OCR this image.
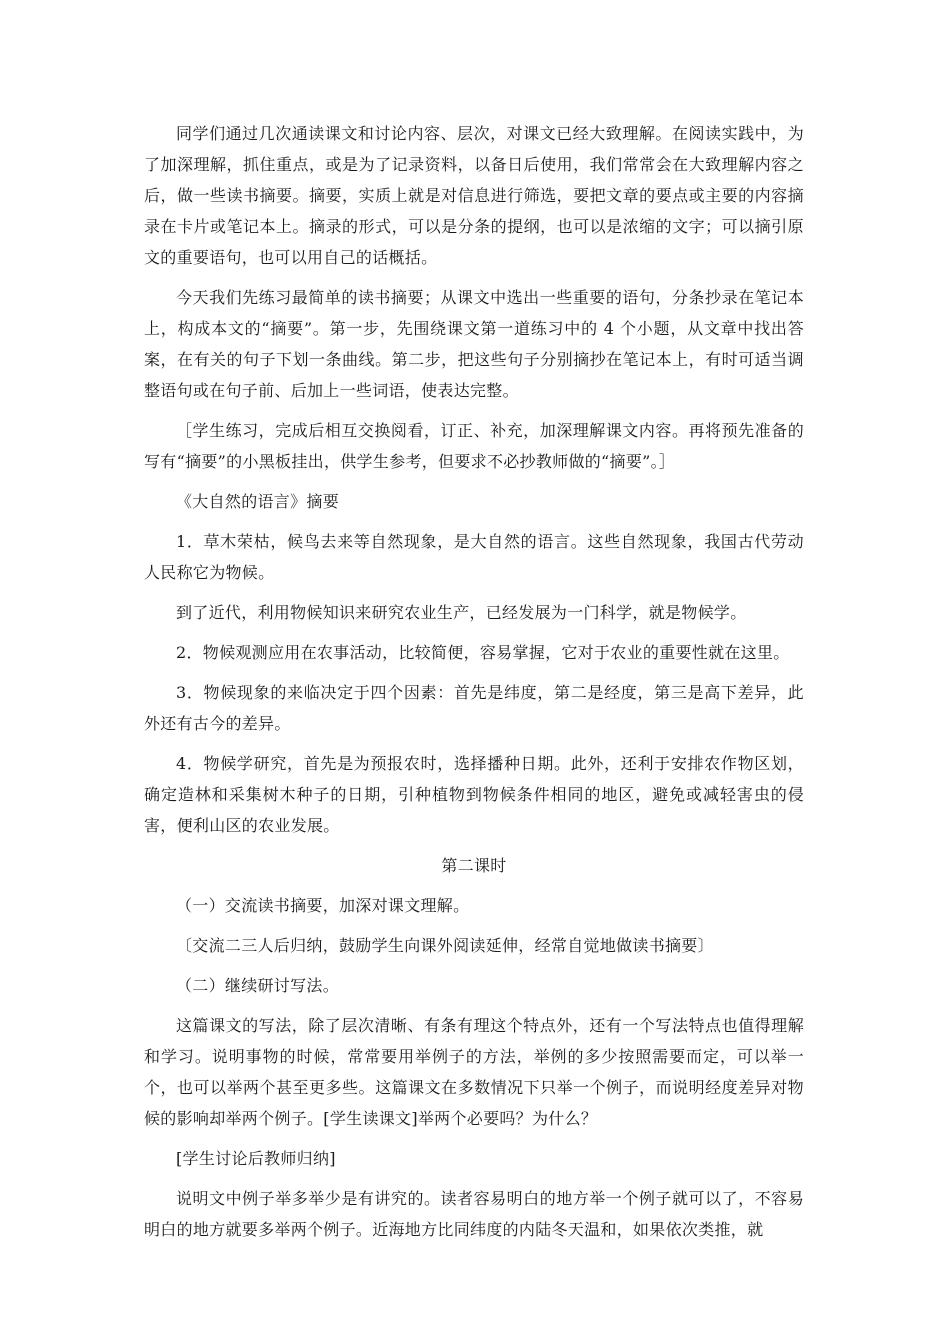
同学们通过几次通读课文和讨论内容、层次，对课文已经大致理解。在阅读实践中，为了加深理解，抓住重点，或是为了记录资料，以备日后使用，我们常常会在大致理解内容之后，做一些读书摘要。摘要，实质上就是对信息进行筛选，要把文章的要点或主要的内容摘录在卡片或笔记本上。摘录的形式，可以是分条的提纲，也可以是浓缩的文字；可以摘引原文的重要语句，也可以用自己的话概括。

今天我们先练习最简单的读书摘要；从课文中选出一些重要的语句，分条抄录在笔记本上，构成本文的“摘要”。第一步，先围绕课文第一道练习中的 4 个小题，从文章中找出答案，在有关的句子下划一条曲线。第二步，把这些句子分别摘抄在笔记本上，有时可适当调整语句或在句子前、后加上一些词语，使表达完整。

［学生练习，完成后相互交换阅看，订正、补充，加深理解课文内容。再将预先准备的写有“摘要”的小黑板挂出，供学生参考，但要求不必抄教师做的“摘要”。］

《大自然的语言》摘要

1．草木荣枯，候鸟去来等自然现象，是大自然的语言。这些自然现象，我国古代劳动人民称它为物候。

到了近代，利用物候知识来研究农业生产，已经发展为一门科学，就是物候学。

2．物候观测应用在农事活动，比较简便，容易掌握，它对于农业的重要性就在这里。

3．物候现象的来临决定于四个因素：首先是纬度，第二是经度，第三是高下差异，此外还有古今的差异。

4．物候学研究，首先是为预报农时，选择播种日期。此外，还利于安排农作物区划，确定造林和采集树木种子的日期，引种植物到物候条件相同的地区，避免或减轻害虫的侵害，便利山区的农业发展。

第二课时

（一）交流读书摘要，加深对课文理解。

〔交流二三人后归纳，鼓励学生向课外阅读延伸，经常自觉地做读书摘要〕

（二）继续研讨写法。

这篇课文的写法，除了层次清晰、有条有理这个特点外，还有一个写法特点也值得理解和学习。说明事物的时候，常常要用举例子的方法，举例的多少按照需要而定，可以举一个，也可以举两个甚至更多些。这篇课文在多数情况下只举一个例子，而说明经度差异对物候的影响却举两个例子。[学生读课文]举两个必要吗？为什么？

[学生讨论后教师归纳]

说明文中例子举多举少是有讲究的。读者容易明白的地方举一个例子就可以了，不容易明白的地方就要多举两个例子。近海地方比同纬度的内陆冬天温和，如果依次类推，就
